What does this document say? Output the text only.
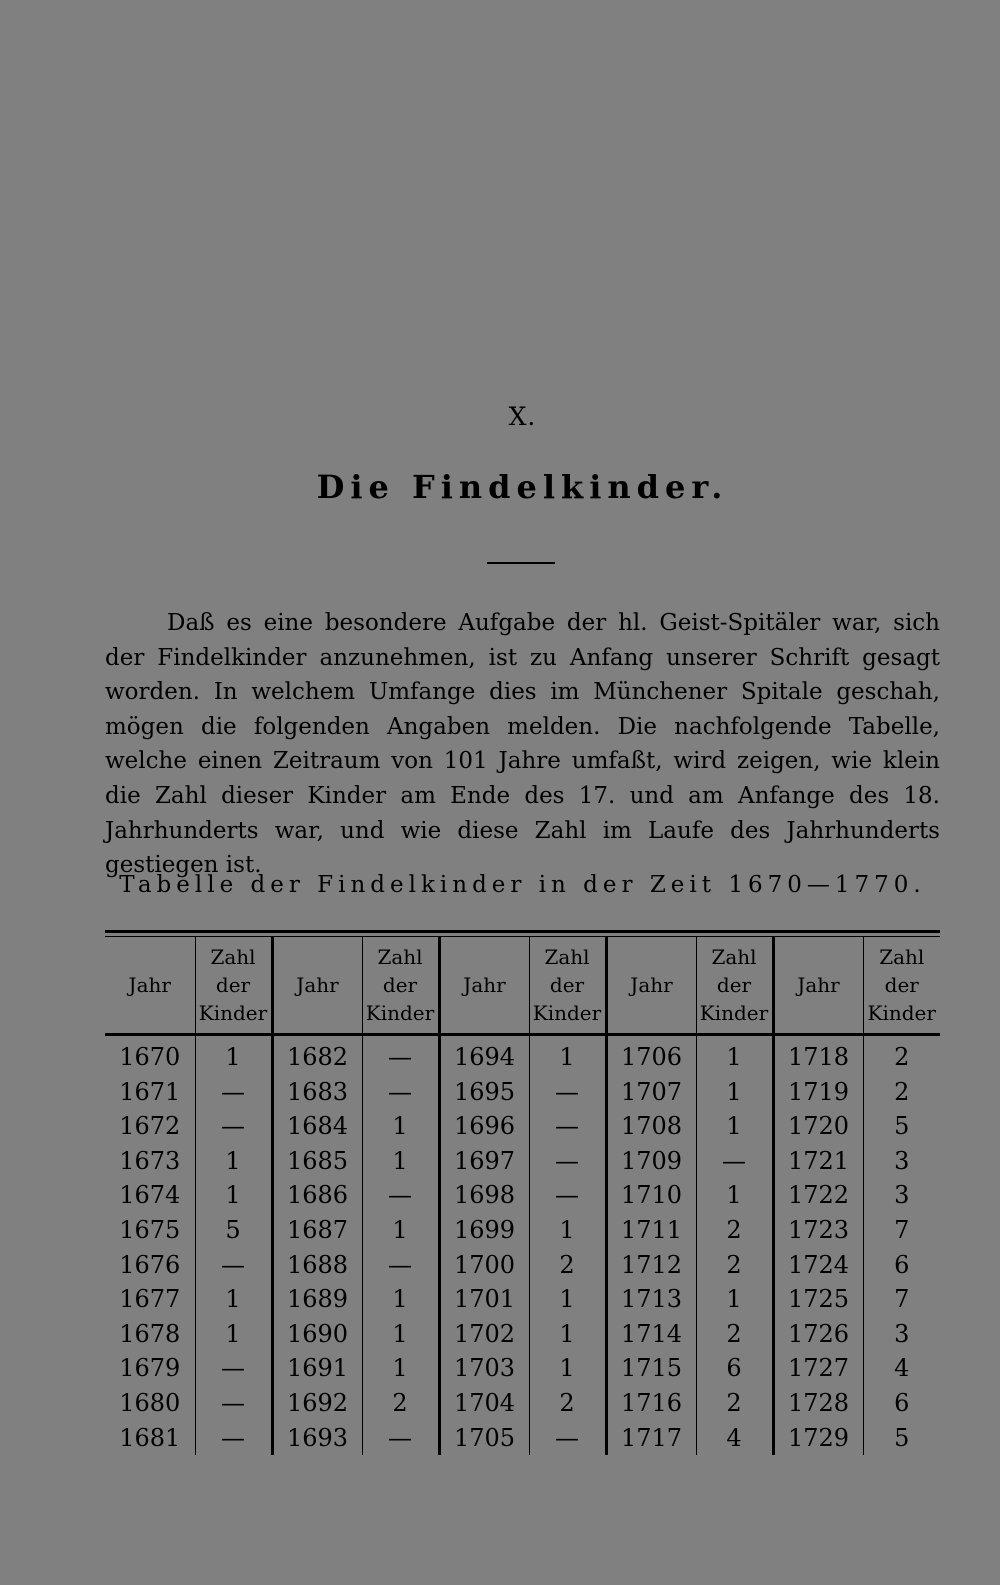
X.
Die Findelkinder.

Daß es eine besondere Aufgabe der hl. Geist-Spitäler war, sich der Findelkinder anzunehmen, ist zu Anfang unserer Schrift gesagt worden. In welchem Umfange dies im Münchener Spitale geschah, mögen die folgenden Angaben melden. Die nachfolgende Tabelle, welche einen Zeitraum von 101 Jahre umfaßt, wird zeigen, wie klein die Zahl dieser Kinder am Ende des 17. und am Anfange des 18. Jahrhunderts war, und wie diese Zahl im Laufe des Jahrhunderts gestiegen ist.

Tabelle der Findelkinder in der Zeit 1670—1770.
Jahr	Zahl
der
Kinder	Jahr	Zahl
der
Kinder	Jahr	Zahl
der
Kinder	Jahr	Zahl
der
Kinder	Jahr	Zahl
der
Kinder
1670	1	1682	—	1694	1	1706	1	1718	2
1671	—	1683	—	1695	—	1707	1	1719	2
1672	—	1684	1	1696	—	1708	1	1720	5
1673	1	1685	1	1697	—	1709	—	1721	3
1674	1	1686	—	1698	—	1710	1	1722	3
1675	5	1687	1	1699	1	1711	2	1723	7
1676	—	1688	—	1700	2	1712	2	1724	6
1677	1	1689	1	1701	1	1713	1	1725	7
1678	1	1690	1	1702	1	1714	2	1726	3
1679	—	1691	1	1703	1	1715	6	1727	4
1680	—	1692	2	1704	2	1716	2	1728	6
1681	—	1693	—	1705	—	1717	4	1729	5
